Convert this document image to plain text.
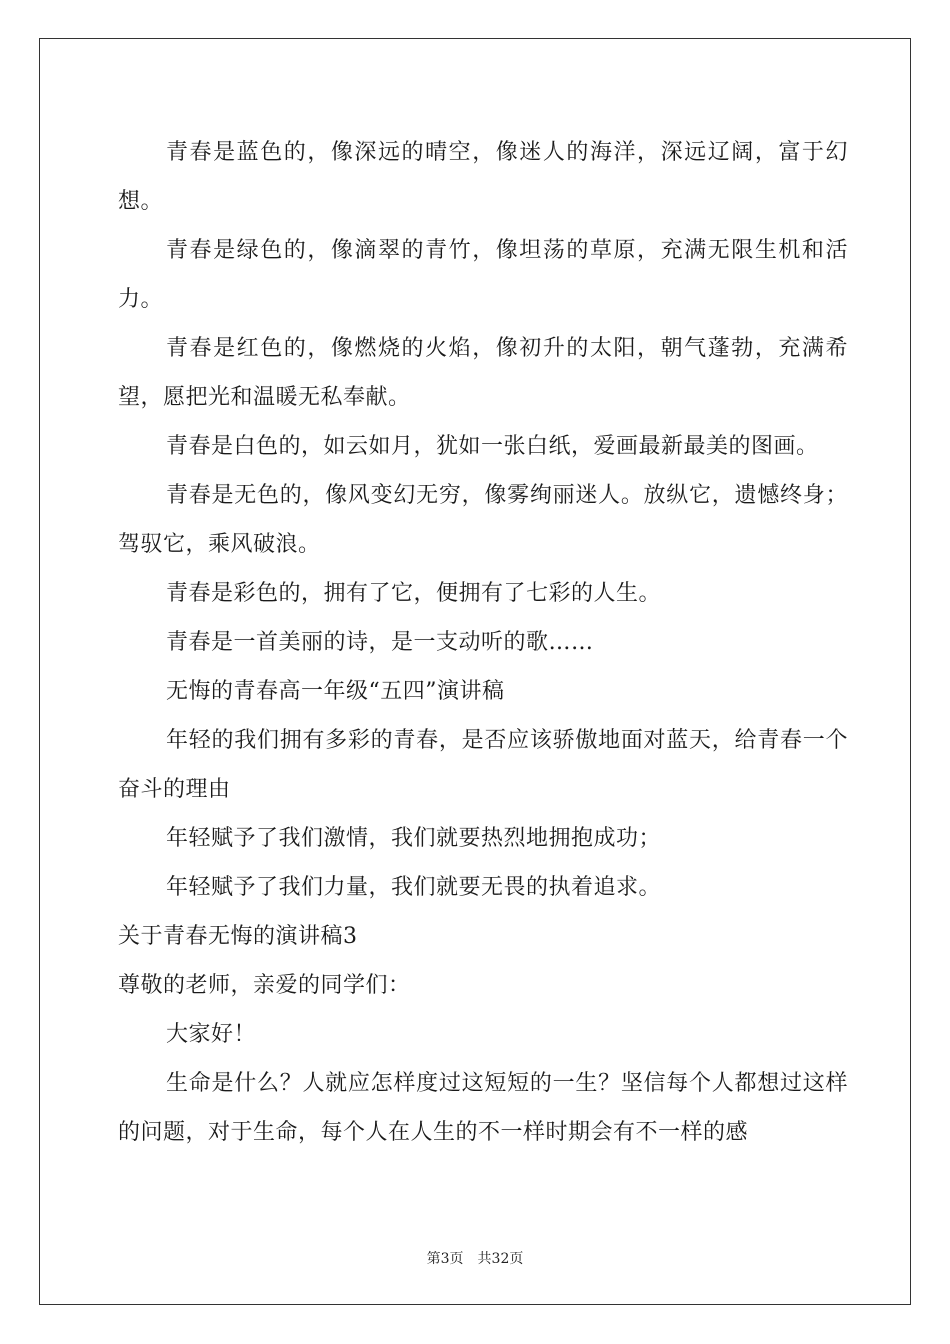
青春是蓝色的，像深远的晴空，像迷人的海洋，深远辽阔，富于幻想。

青春是绿色的，像滴翠的青竹，像坦荡的草原，充满无限生机和活力。

青春是红色的，像燃烧的火焰，像初升的太阳，朝气蓬勃，充满希望，愿把光和温暖无私奉献。

青春是白色的，如云如月，犹如一张白纸，爱画最新最美的图画。

青春是无色的，像风变幻无穷，像雾绚丽迷人。放纵它，遗憾终身；驾驭它，乘风破浪。

青春是彩色的，拥有了它，便拥有了七彩的人生。

青春是一首美丽的诗，是一支动听的歌……

无悔的青春高一年级“五四”演讲稿

年轻的我们拥有多彩的青春，是否应该骄傲地面对蓝天，给青春一个奋斗的理由

年轻赋予了我们激情，我们就要热烈地拥抱成功；

年轻赋予了我们力量，我们就要无畏的执着追求。

关于青春无悔的演讲稿3

尊敬的老师，亲爱的同学们：

大家好！

生命是什么？人就应怎样度过这短短的一生？坚信每个人都想过这样的问题，对于生命，每个人在人生的不一样时期会有不一样的感

第3页 共32页
